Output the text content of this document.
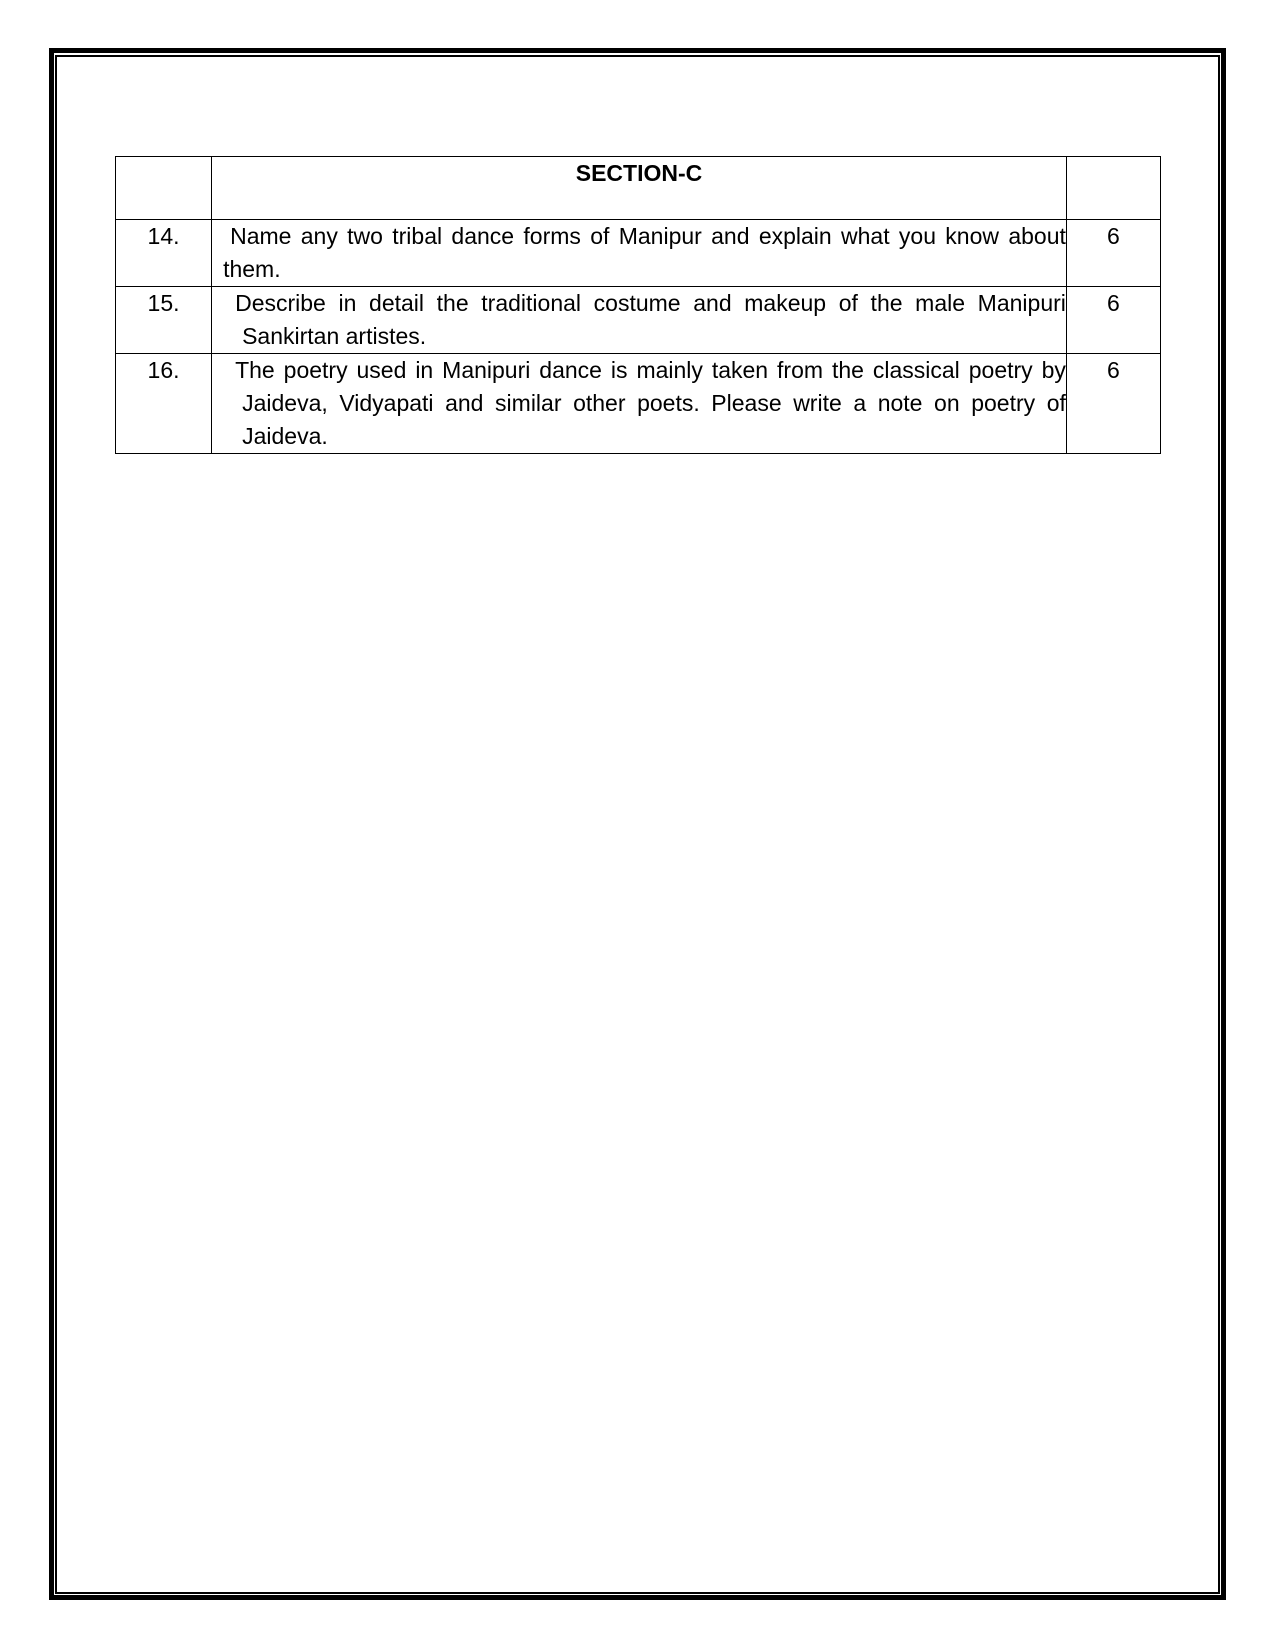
	SECTION-C	
14.	Name any two tribal dance forms of Manipur and explain what you know about them.	6
15.	Describe in detail the traditional costume and makeup of the male Manipuri Sankirtan artistes.	6
16.	The poetry used in Manipuri dance is mainly taken from the classical poetry by Jaideva, Vidyapati and similar other poets. Please write a note on poetry of Jaideva.	6
